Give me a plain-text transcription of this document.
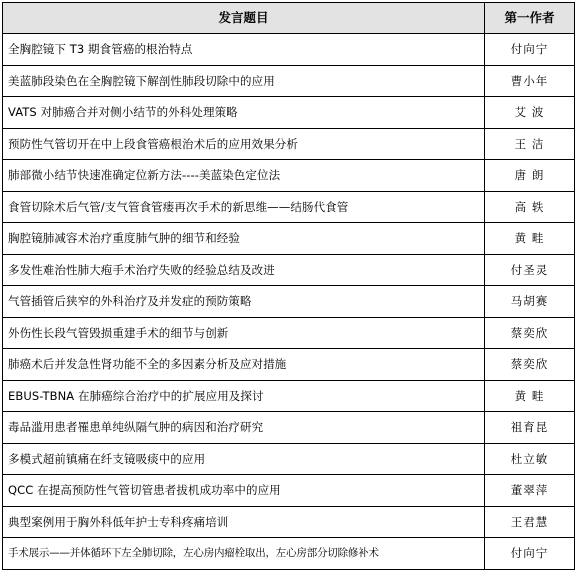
发言题目	第一作者
全胸腔镜下 T3 期食管癌的根治特点	付向宁
美蓝肺段染色在全胸腔镜下解剖性肺段切除中的应用	曹小年
VATS 对肺癌合并对侧小结节的外科处理策略	艾 波
预防性气管切开在中上段食管癌根治术后的应用效果分析	王 洁
肺部微小结节快速准确定位新方法----美蓝染色定位法	唐 朗
食管切除术后气管/支气管食管瘘再次手术的新思维——结肠代食管	高 轶
胸腔镜肺减容术治疗重度肺气肿的细节和经验	黄 畦
多发性难治性肺大疱手术治疗失败的经验总结及改进	付圣灵
气管插管后狭窄的外科治疗及并发症的预防策略	马胡赛
外伤性长段气管毁损重建手术的细节与创新	蔡奕欣
肺癌术后并发急性肾功能不全的多因素分析及应对措施	蔡奕欣
EBUS-TBNA 在肺癌综合治疗中的扩展应用及探讨	黄 畦
毒品滥用患者罹患单纯纵隔气肿的病因和治疗研究	祖育昆
多模式超前镇痛在纤支镜吸痰中的应用	杜立敏
QCC 在提高预防性气管切管患者拔机成功率中的应用	董翠萍
典型案例用于胸外科低年护士专科疼痛培训	王君慧
手术展示——并体循环下左全肺切除，左心房内瘤栓取出，左心房部分切除修补术	付向宁
